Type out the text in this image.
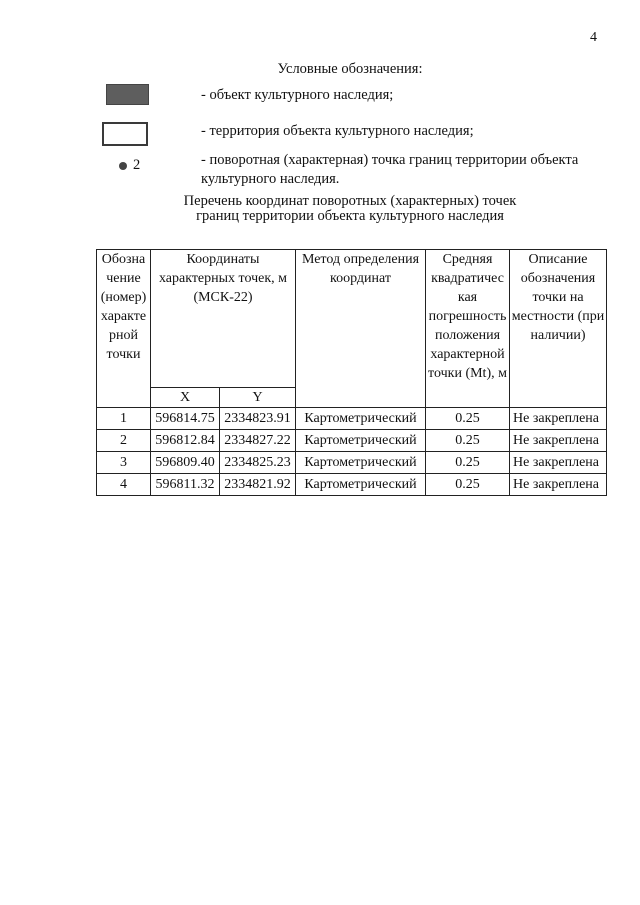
4
Условные обозначения:
- объект культурного наследия;
- территория объекта культурного наследия;
2	- поворотная (характерная) точка границ территории объекта культурного наследия.
Перечень координат поворотных (характерных) точек
границ территории объекта культурного наследия
Обозна чение (номер) характе рной точки	Координаты характерных точек, м (МСК-22)		Метод определения координат	Средняя квадратичес кая погрешность положения характерной точки (Mt), м	Описание обозначения точки на местности (при наличии)
	X	Y			
1	596814.75	2334823.91	Картометрический	0.25	Не закреплена
2	596812.84	2334827.22	Картометрический	0.25	Не закреплена
3	596809.40	2334825.23	Картометрический	0.25	Не закреплена
4	596811.32	2334821.92	Картометрический	0.25	Не закреплена
